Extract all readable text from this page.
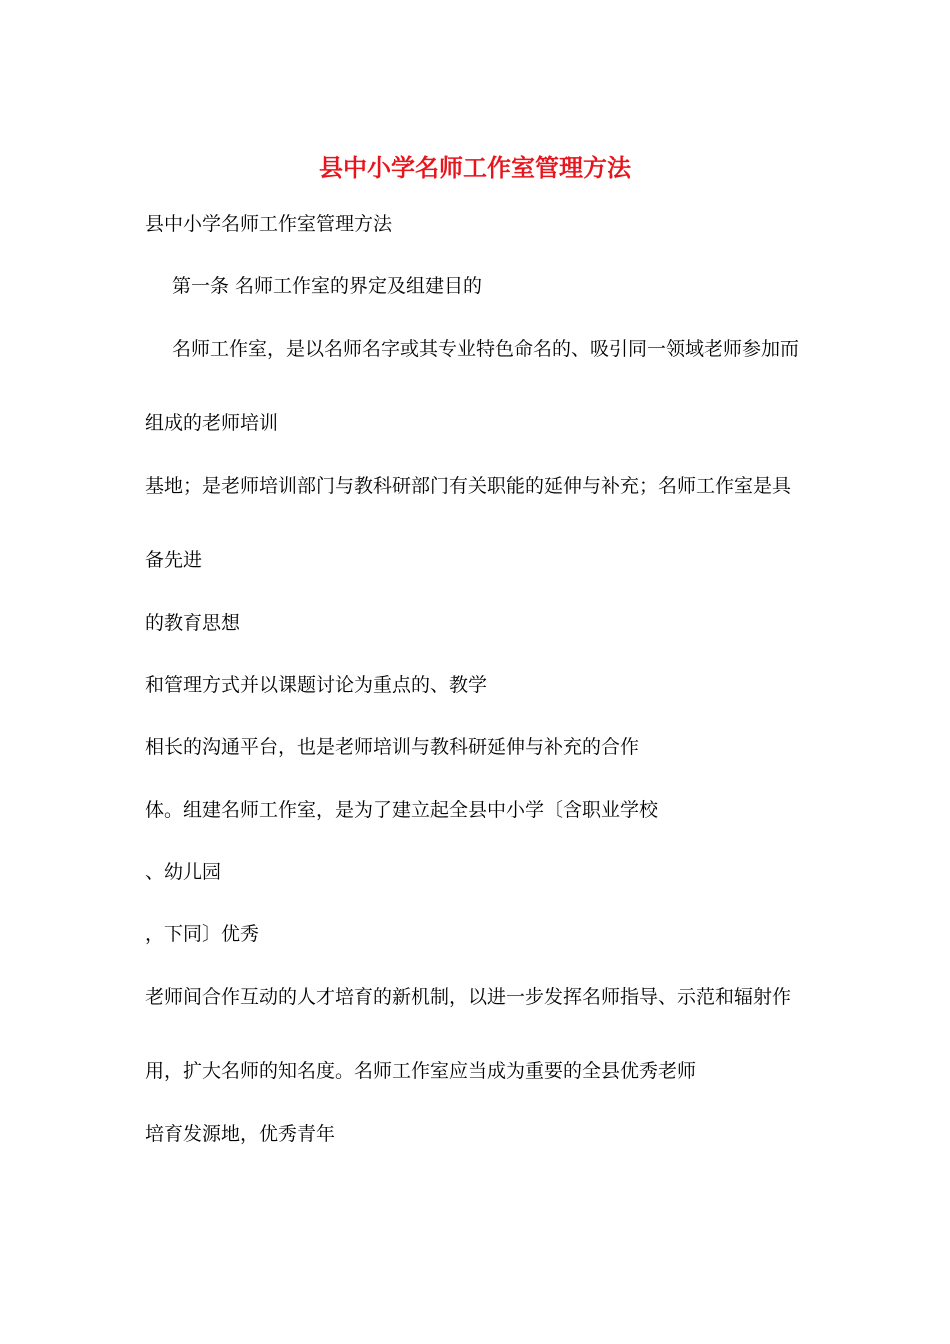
县中小学名师工作室管理方法
县中小学名师工作室管理方法
第一条 名师工作室的界定及组建目的
名师工作室，是以名师名字或其专业特色命名的、吸引同一领域老师参加而
组成的老师培训
基地；是老师培训部门与教科研部门有关职能的延伸与补充；名师工作室是具
备先进
的教育思想
和管理方式并以课题讨论为重点的、教学
相长的沟通平台，也是老师培训与教科研延伸与补充的合作
体。组建名师工作室，是为了建立起全县中小学〔含职业学校
、幼儿园
，下同〕优秀
老师间合作互动的人才培育的新机制，以进一步发挥名师指导、示范和辐射作
用，扩大名师的知名度。名师工作室应当成为重要的全县优秀老师
培育发源地，优秀青年
